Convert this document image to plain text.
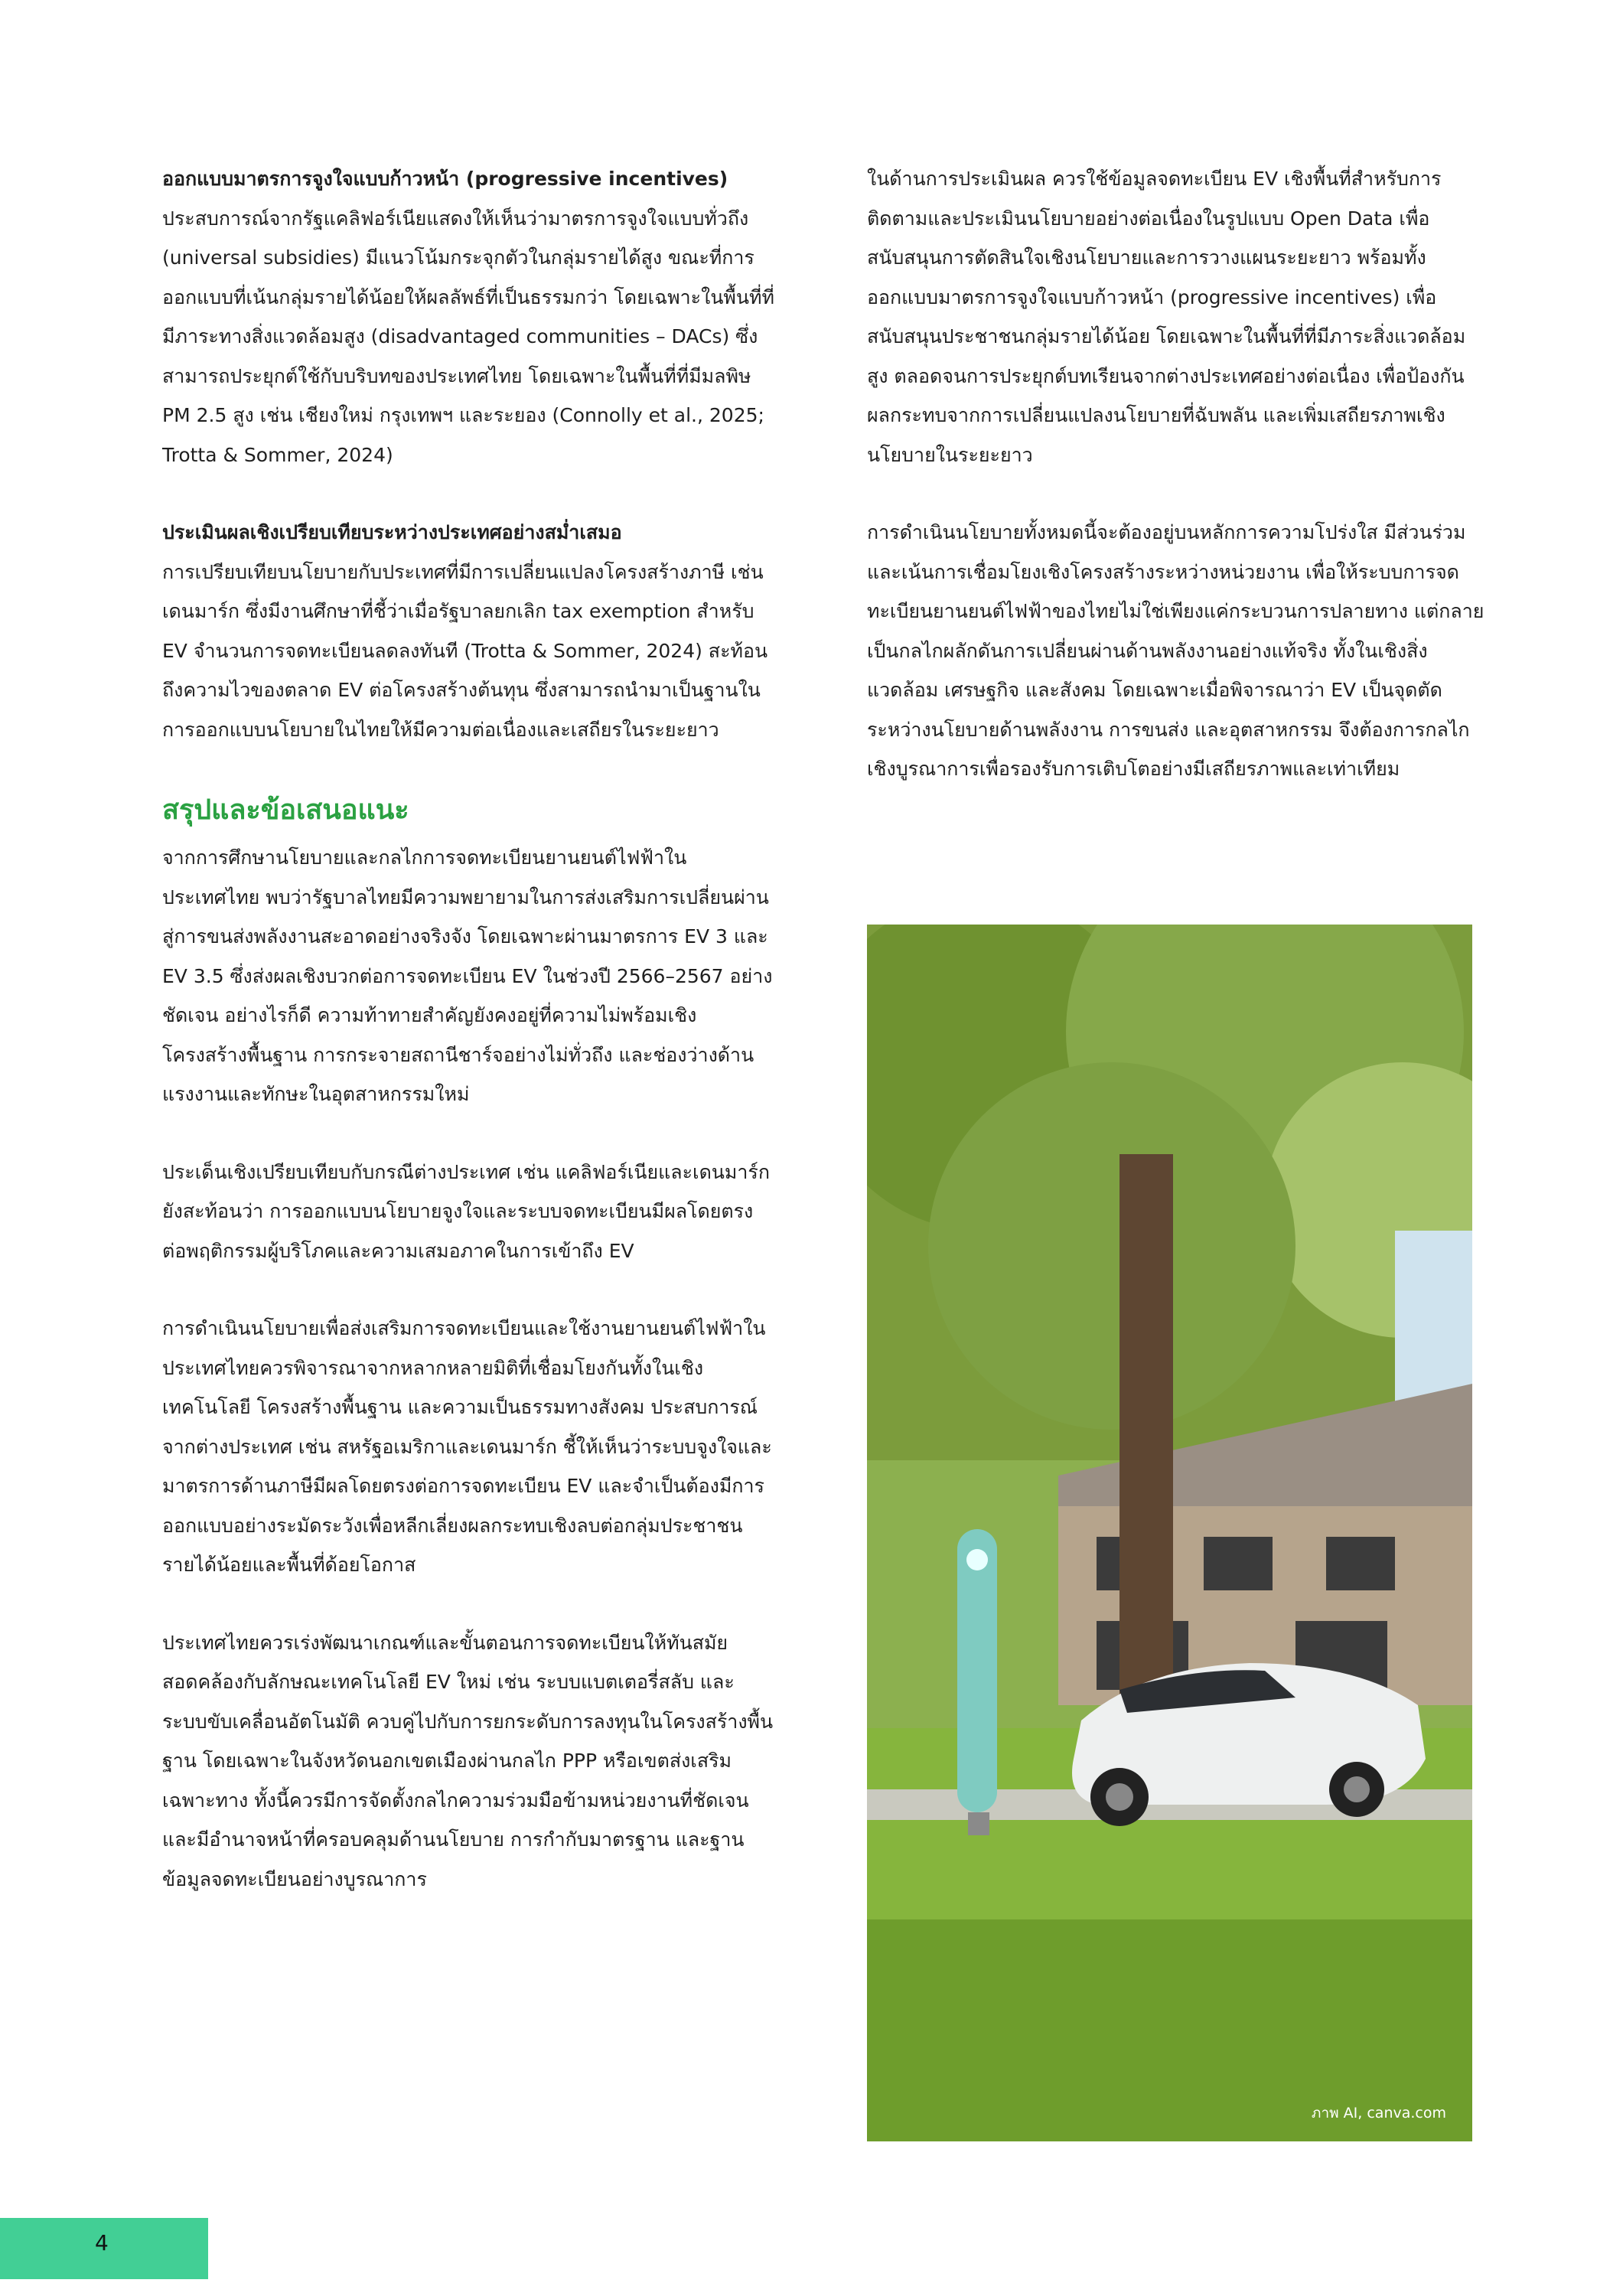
ออกแบบมาตรการจูงใจแบบก้าวหน้า (progressive incentives) ประสบการณ์จากรัฐแคลิฟอร์เนียแสดงให้เห็นว่ามาตรการจูงใจแบบทั่วถึง (universal subsidies) มีแนวโน้มกระจุกตัวในกลุ่มรายได้สูง ขณะที่การออกแบบที่เน้นกลุ่มรายได้น้อยให้ผลลัพธ์ที่เป็นธรรมกว่า โดยเฉพาะในพื้นที่ที่มีภาระทางสิ่งแวดล้อมสูง (disadvantaged communities – DACs) ซึ่งสามารถประยุกต์ใช้กับบริบทของประเทศไทย โดยเฉพาะในพื้นที่ที่มีมลพิษ PM 2.5 สูง เช่น เชียงใหม่ กรุงเทพฯ และระยอง (Connolly et al., 2025; Trotta & Sommer, 2024)

ประเมินผลเชิงเปรียบเทียบระหว่างประเทศอย่างสม่ำเสมอ
การเปรียบเทียบนโยบายกับประเทศที่มีการเปลี่ยนแปลงโครงสร้างภาษี เช่น เดนมาร์ก ซึ่งมีงานศึกษาที่ชี้ว่าเมื่อรัฐบาลยกเลิก tax exemption สำหรับ EV จำนวนการจดทะเบียนลดลงทันที (Trotta & Sommer, 2024) สะท้อนถึงความไวของตลาด EV ต่อโครงสร้างต้นทุน ซึ่งสามารถนำมาเป็นฐานในการออกแบบนโยบายในไทยให้มีความต่อเนื่องและเสถียรในระยะยาว

สรุปและข้อเสนอแนะ

จากการศึกษานโยบายและกลไกการจดทะเบียนยานยนต์ไฟฟ้าในประเทศไทย พบว่ารัฐบาลไทยมีความพยายามในการส่งเสริมการเปลี่ยนผ่านสู่การขนส่งพลังงานสะอาดอย่างจริงจัง โดยเฉพาะผ่านมาตรการ EV 3 และ EV 3.5 ซึ่งส่งผลเชิงบวกต่อการจดทะเบียน EV ในช่วงปี 2566–2567 อย่างชัดเจน อย่างไรก็ดี ความท้าทายสำคัญยังคงอยู่ที่ความไม่พร้อมเชิงโครงสร้างพื้นฐาน การกระจายสถานีชาร์จอย่างไม่ทั่วถึง และช่องว่างด้านแรงงานและทักษะในอุตสาหกรรมใหม่

ประเด็นเชิงเปรียบเทียบกับกรณีต่างประเทศ เช่น แคลิฟอร์เนียและเดนมาร์ก ยังสะท้อนว่า การออกแบบนโยบายจูงใจและระบบจดทะเบียนมีผลโดยตรงต่อพฤติกรรมผู้บริโภคและความเสมอภาคในการเข้าถึง EV

การดำเนินนโยบายเพื่อส่งเสริมการจดทะเบียนและใช้งานยานยนต์ไฟฟ้าในประเทศไทยควรพิจารณาจากหลากหลายมิติที่เชื่อมโยงกันทั้งในเชิงเทคโนโลยี โครงสร้างพื้นฐาน และความเป็นธรรมทางสังคม ประสบการณ์จากต่างประเทศ เช่น สหรัฐอเมริกาและเดนมาร์ก ชี้ให้เห็นว่าระบบจูงใจและมาตรการด้านภาษีมีผลโดยตรงต่อการจดทะเบียน EV และจำเป็นต้องมีการออกแบบอย่างระมัดระวังเพื่อหลีกเลี่ยงผลกระทบเชิงลบต่อกลุ่มประชาชนรายได้น้อยและพื้นที่ด้อยโอกาส

ประเทศไทยควรเร่งพัฒนาเกณฑ์และขั้นตอนการจดทะเบียนให้ทันสมัย สอดคล้องกับลักษณะเทคโนโลยี EV ใหม่ เช่น ระบบแบตเตอรี่สลับ และระบบขับเคลื่อนอัตโนมัติ ควบคู่ไปกับการยกระดับการลงทุนในโครงสร้างพื้นฐาน โดยเฉพาะในจังหวัดนอกเขตเมืองผ่านกลไก PPP หรือเขตส่งเสริมเฉพาะทาง ทั้งนี้ควรมีการจัดตั้งกลไกความร่วมมือข้ามหน่วยงานที่ชัดเจนและมีอำนาจหน้าที่ครอบคลุมด้านนโยบาย การกำกับมาตรฐาน และฐานข้อมูลจดทะเบียนอย่างบูรณาการ

ในด้านการประเมินผล ควรใช้ข้อมูลจดทะเบียน EV เชิงพื้นที่สำหรับการติดตามและประเมินนโยบายอย่างต่อเนื่องในรูปแบบ Open Data เพื่อสนับสนุนการตัดสินใจเชิงนโยบายและการวางแผนระยะยาว พร้อมทั้งออกแบบมาตรการจูงใจแบบก้าวหน้า (progressive incentives) เพื่อสนับสนุนประชาชนกลุ่มรายได้น้อย โดยเฉพาะในพื้นที่ที่มีภาระสิ่งแวดล้อมสูง ตลอดจนการประยุกต์บทเรียนจากต่างประเทศอย่างต่อเนื่อง เพื่อป้องกันผลกระทบจากการเปลี่ยนแปลงนโยบายที่ฉับพลัน และเพิ่มเสถียรภาพเชิงนโยบายในระยะยาว

การดำเนินนโยบายทั้งหมดนี้จะต้องอยู่บนหลักการความโปร่งใส มีส่วนร่วม และเน้นการเชื่อมโยงเชิงโครงสร้างระหว่างหน่วยงาน เพื่อให้ระบบการจดทะเบียนยานยนต์ไฟฟ้าของไทยไม่ใช่เพียงแค่กระบวนการปลายทาง แต่กลายเป็นกลไกผลักดันการเปลี่ยนผ่านด้านพลังงานอย่างแท้จริง ทั้งในเชิงสิ่งแวดล้อม เศรษฐกิจ และสังคม โดยเฉพาะเมื่อพิจารณาว่า EV เป็นจุดตัดระหว่างนโยบายด้านพลังงาน การขนส่ง และอุตสาหกรรม จึงต้องการกลไกเชิงบูรณาการเพื่อรองรับการเติบโตอย่างมีเสถียรภาพและเท่าเทียม

ภาพ AI, canva.com
4
